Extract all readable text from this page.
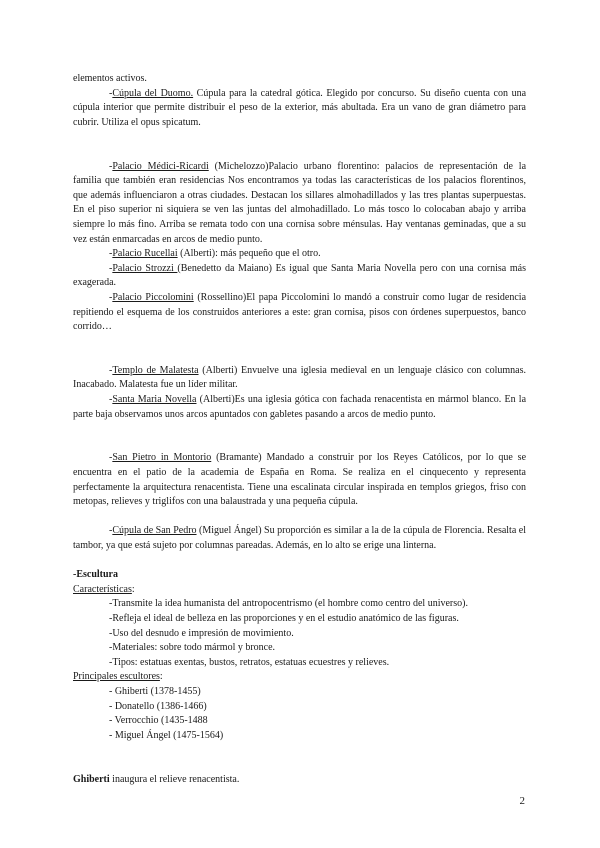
elementos activos.

-Cúpula del Duomo. Cúpula para la catedral gótica. Elegido por concurso. Su diseño cuenta con una cúpula interior que permite distribuir el peso de la exterior, más abultada. Era un vano de gran diámetro para cubrir. Utiliza el opus spicatum.

-Palacio Médici-Ricardi (Michelozzo)Palacio urbano florentino: palacios de representación de la familia que también eran residencias Nos encontramos ya todas las características de los palacios florentinos, que además influenciaron a otras ciudades. Destacan los sillares almohadillados y las tres plantas superpuestas. En el piso superior ni siquiera se ven las juntas del almohadillado. Lo más tosco lo colocaban abajo y arriba siempre lo más fino. Arriba se remata todo con una cornisa sobre ménsulas. Hay ventanas geminadas, que a su vez están enmarcadas en arcos de medio punto.

-Palacio Rucellai (Alberti): más pequeño que el otro.

-Palacio Strozzi (Benedetto da Maiano) Es igual que Santa Maria Novella pero con una cornisa más exagerada.

-Palacio Piccolomini (Rossellino)El papa Piccolomini lo mandó a construir como lugar de residencia repitiendo el esquema de los construidos anteriores a este: gran cornisa, pisos con órdenes superpuestos, banco corrido…

-Templo de Malatesta (Alberti) Envuelve una iglesia medieval en un lenguaje clásico con columnas. Inacabado. Malatesta fue un líder militar.

-Santa Maria Novella (Alberti)Es una iglesia gótica con fachada renacentista en mármol blanco. En la parte baja observamos unos arcos apuntados con gabletes pasando a arcos de medio punto.

-San Pietro in Montorio (Bramante) Mandado a construir por los Reyes Católicos, por lo que se encuentra en el patio de la academia de España en Roma. Se realiza en el cinquecento y representa perfectamente la arquitectura renacentista. Tiene una escalinata circular inspirada en templos griegos, friso con metopas, relieves y triglifos con una balaustrada y una pequeña cúpula.

-Cúpula de San Pedro (Miguel Ángel) Su proporción es similar a la de la cúpula de Florencia. Resalta el tambor, ya que está sujeto por columnas pareadas. Además, en lo alto se erige una linterna.

-Escultura

Características:

-Transmite la idea humanista del antropocentrismo (el hombre como centro del universo).
-Refleja el ideal de belleza en las proporciones y en el estudio anatómico de las figuras.
-Uso del desnudo e impresión de movimiento.
-Materiales: sobre todo mármol y bronce.
-Tipos: estatuas exentas, bustos, retratos, estatuas ecuestres y relieves.

Principales escultores:

- Ghiberti (1378-1455)
- Donatello (1386-1466)
- Verrocchio (1435-1488
- Miguel Ángel (1475-1564)

Ghiberti inaugura el relieve renacentista.

2
